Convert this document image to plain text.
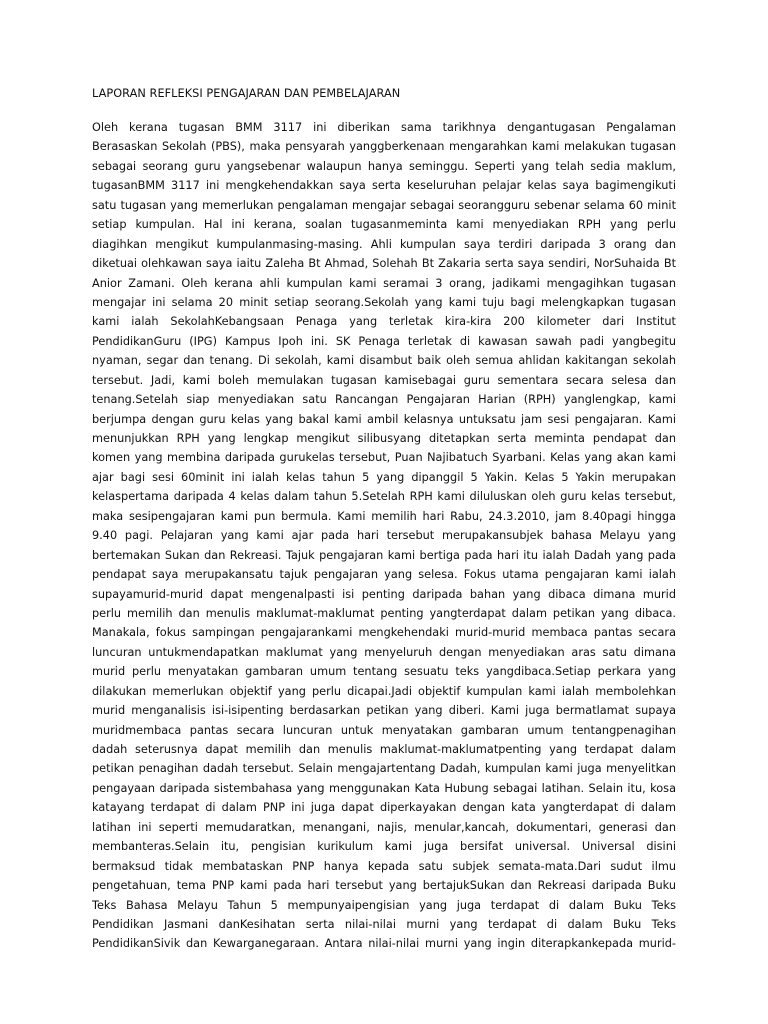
LAPORAN REFLEKSI PENGAJARAN DAN PEMBELAJARAN
Oleh kerana tugasan BMM 3117 ini diberikan sama tarikhnya dengantugasan Pengalaman
Berasaskan Sekolah (PBS), maka pensyarah yanggberkenaan mengarahkan kami melakukan tugasan
sebagai seorang guru yangsebenar walaupun hanya seminggu. Seperti yang telah sedia maklum,
tugasanBMM 3117 ini mengkehendakkan saya serta keseluruhan pelajar kelas saya bagimengikuti
satu tugasan yang memerlukan pengalaman mengajar sebagai seorangguru sebenar selama 60 minit
setiap kumpulan. Hal ini kerana, soalan tugasanmeminta kami menyediakan RPH yang perlu
diagihkan mengikut kumpulanmasing-masing. Ahli kumpulan saya terdiri daripada 3 orang dan
diketuai olehkawan saya iaitu Zaleha Bt Ahmad, Solehah Bt Zakaria serta saya sendiri, NorSuhaida Bt
Anior Zamani. Oleh kerana ahli kumpulan kami seramai 3 orang, jadikami mengagihkan tugasan
mengajar ini selama 20 minit setiap seorang.Sekolah yang kami tuju bagi melengkapkan tugasan
kami ialah SekolahKebangsaan Penaga yang terletak kira-kira 200 kilometer dari Institut
PendidikanGuru (IPG) Kampus Ipoh ini. SK Penaga terletak di kawasan sawah padi yangbegitu
nyaman, segar dan tenang. Di sekolah, kami disambut baik oleh semua ahlidan kakitangan sekolah
tersebut. Jadi, kami boleh memulakan tugasan kamisebagai guru sementara secara selesa dan
tenang.Setelah siap menyediakan satu Rancangan Pengajaran Harian (RPH) yanglengkap, kami
berjumpa dengan guru kelas yang bakal kami ambil kelasnya untuksatu jam sesi pengajaran. Kami
menunjukkan RPH yang lengkap mengikut silibusyang ditetapkan serta meminta pendapat dan
komen yang membina daripada gurukelas tersebut, Puan Najibatuch Syarbani. Kelas yang akan kami
ajar bagi sesi 60minit ini ialah kelas tahun 5 yang dipanggil 5 Yakin. Kelas 5 Yakin merupakan
kelaspertama daripada 4 kelas dalam tahun 5.Setelah RPH kami diluluskan oleh guru kelas tersebut,
maka sesipengajaran kami pun bermula. Kami memilih hari Rabu, 24.3.2010, jam 8.40pagi hingga
9.40 pagi. Pelajaran yang kami ajar pada hari tersebut merupakansubjek bahasa Melayu yang
bertemakan Sukan dan Rekreasi. Tajuk pengajaran kami bertiga pada hari itu ialah Dadah yang pada
pendapat saya merupakansatu tajuk pengajaran yang selesa. Fokus utama pengajaran kami ialah
supayamurid-murid dapat mengenalpasti isi penting daripada bahan yang dibaca dimana murid
perlu memilih dan menulis maklumat-maklumat penting yangterdapat dalam petikan yang dibaca.
Manakala, fokus sampingan pengajarankami mengkehendaki murid-murid membaca pantas secara
luncuran untukmendapatkan maklumat yang menyeluruh dengan menyediakan aras satu dimana
murid perlu menyatakan gambaran umum tentang sesuatu teks yangdibaca.Setiap perkara yang
dilakukan memerlukan objektif yang perlu dicapai.Jadi objektif kumpulan kami ialah membolehkan
murid menganalisis isi-isipenting berdasarkan petikan yang diberi. Kami juga bermatlamat supaya
muridmembaca pantas secara luncuran untuk menyatakan gambaran umum tentangpenagihan
dadah seterusnya dapat memilih dan menulis maklumat-maklumatpenting yang terdapat dalam
petikan penagihan dadah tersebut. Selain mengajartentang Dadah, kumpulan kami juga menyelitkan
pengayaan daripada sistembahasa yang menggunakan Kata Hubung sebagai latihan. Selain itu, kosa
katayang terdapat di dalam PNP ini juga dapat diperkayakan dengan kata yangterdapat di dalam
latihan ini seperti memudaratkan, menangani, najis, menular,kancah, dokumentari, generasi dan
membanteras.Selain itu, pengisian kurikulum kami juga bersifat universal. Universal disini
bermaksud tidak membataskan PNP hanya kepada satu subjek semata-mata.Dari sudut ilmu
pengetahuan, tema PNP kami pada hari tersebut yang bertajukSukan dan Rekreasi daripada Buku
Teks Bahasa Melayu Tahun 5 mempunyaipengisian yang juga terdapat di dalam Buku Teks
Pendidikan Jasmani danKesihatan serta nilai-nilai murni yang terdapat di dalam Buku Teks
PendidikanSivik dan Kewarganegaraan. Antara nilai-nilai murni yang ingin diterapkankepada murid-
